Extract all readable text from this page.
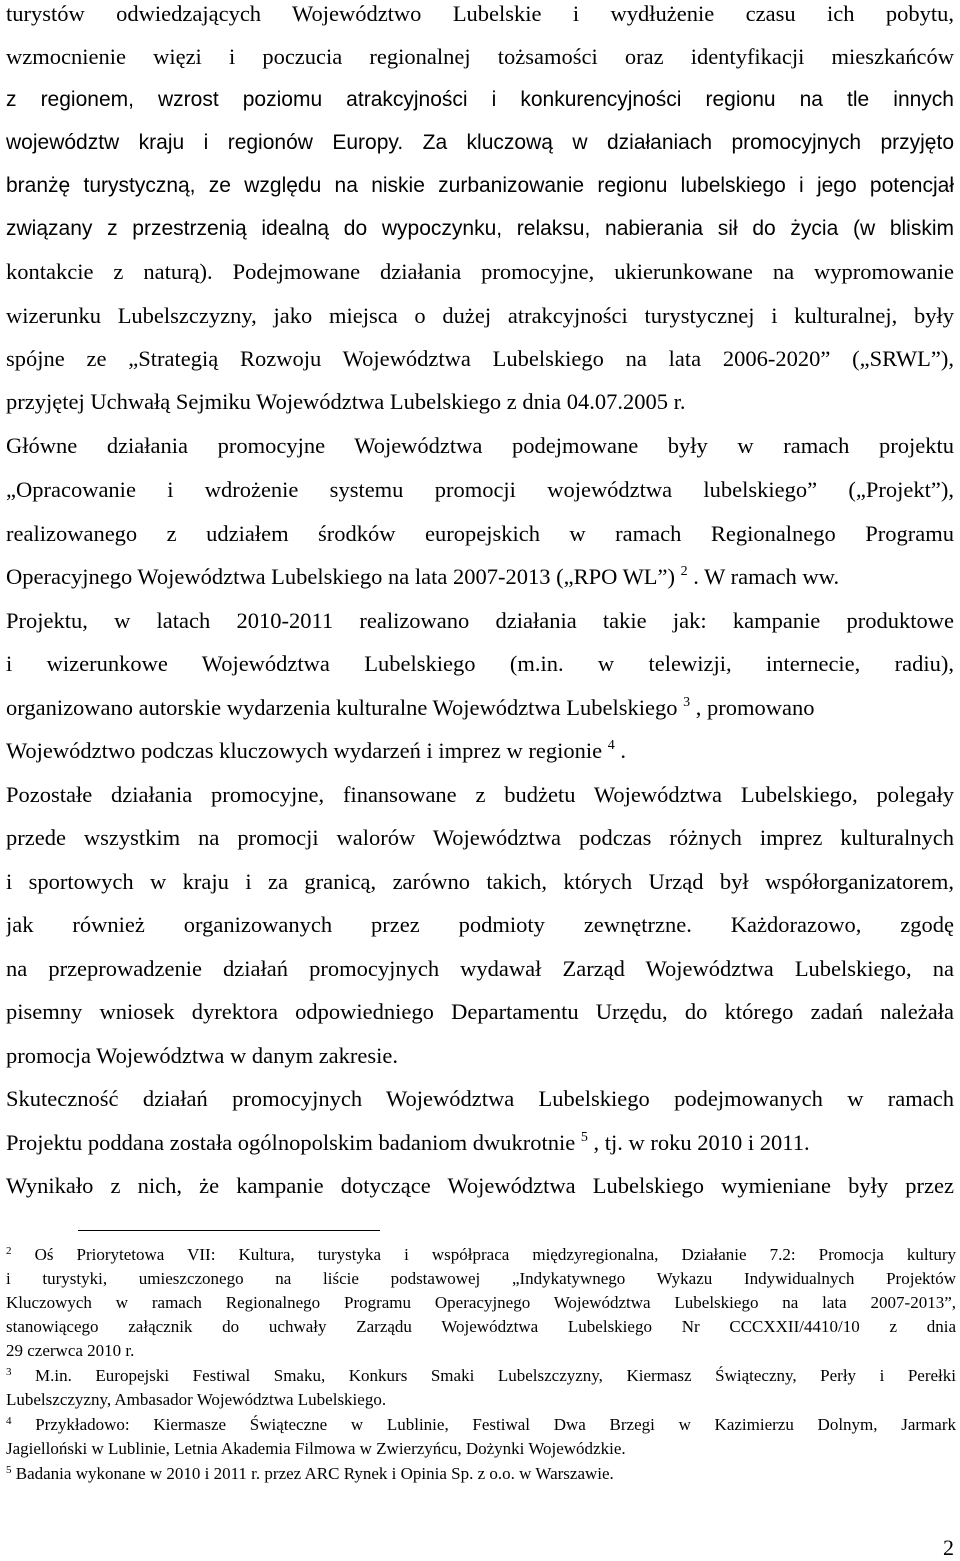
turystów odwiedzających Województwo Lubelskie i wydłużenie czasu ich pobytu,
wzmocnienie więzi i poczucia regionalnej tożsamości oraz identyfikacji mieszkańców
z regionem, wzrost poziomu atrakcyjności i konkurencyjności regionu na tle innych
województw kraju i regionów Europy. Za kluczową w działaniach promocyjnych przyjęto
branżę turystyczną, ze względu na niskie zurbanizowanie regionu lubelskiego i jego potencjał
związany z przestrzenią idealną do wypoczynku, relaksu, nabierania sił do życia (w bliskim
kontakcie z naturą). Podejmowane działania promocyjne, ukierunkowane na wypromowanie
wizerunku Lubelszczyzny, jako miejsca o dużej atrakcyjności turystycznej i kulturalnej, były
spójne ze „Strategią Rozwoju Województwa Lubelskiego na lata 2006-2020” („SRWL”),
przyjętej Uchwałą Sejmiku Województwa Lubelskiego z dnia 04.07.2005 r.
Główne działania promocyjne Województwa podejmowane były w ramach projektu
„Opracowanie i wdrożenie systemu promocji województwa lubelskiego” („Projekt”),
realizowanego z udziałem środków europejskich w ramach Regionalnego Programu
Operacyjnego Województwa Lubelskiego na lata 2007-2013 („RPO WL”) $^2$ . W ramach ww.
Projektu, w latach 2010-2011 realizowano działania takie jak: kampanie produktowe
i wizerunkowe Województwa Lubelskiego (m.in. w telewizji, internecie, radiu),
organizowano autorskie wydarzenia kulturalne Województwa Lubelskiego $^3$ , promowano
Województwo podczas kluczowych wydarzeń i imprez w regionie $^4$ .
Pozostałe działania promocyjne, finansowane z budżetu Województwa Lubelskiego, polegały
przede wszystkim na promocji walorów Województwa podczas różnych imprez kulturalnych
i sportowych w kraju i za granicą, zarówno takich, których Urząd był współorganizatorem,
jak również organizowanych przez podmioty zewnętrzne. Każdorazowo, zgodę
na przeprowadzenie działań promocyjnych wydawał Zarząd Województwa Lubelskiego, na
pisemny wniosek dyrektora odpowiedniego Departamentu Urzędu, do którego zadań należała
promocja Województwa w danym zakresie.
Skuteczność działań promocyjnych Województwa Lubelskiego podejmowanych w ramach
Projektu poddana została ogólnopolskim badaniom dwukrotnie $^5$ , tj. w roku 2010 i 2011.
Wynikało z nich, że kampanie dotyczące Województwa Lubelskiego wymieniane były przez
$^2$ Oś Priorytetowa VII: Kultura, turystyka i współpraca międzyregionalna, Działanie 7.2: Promocja kultury
i turystyki, umieszczonego na liście podstawowej „Indykatywnego Wykazu Indywidualnych Projektów
Kluczowych w ramach Regionalnego Programu Operacyjnego Województwa Lubelskiego na lata 2007-2013”,
stanowiącego załącznik do uchwały Zarządu Województwa Lubelskiego Nr CCCXXII/4410/10 z dnia
29 czerwca 2010 r.
$^3$ M.in. Europejski Festiwal Smaku, Konkurs Smaki Lubelszczyzny, Kiermasz Świąteczny, Perły i Perełki
Lubelszczyzny, Ambasador Województwa Lubelskiego.
$^4$ Przykładowo: Kiermasze Świąteczne w Lublinie, Festiwal Dwa Brzegi w Kazimierzu Dolnym, Jarmark
Jagielloński w Lublinie, Letnia Akademia Filmowa w Zwierzyńcu, Dożynki Wojewódzkie.
$^5$ Badania wykonane w 2010 i 2011 r. przez ARC Rynek i Opinia Sp. z o.o. w Warszawie.
2
